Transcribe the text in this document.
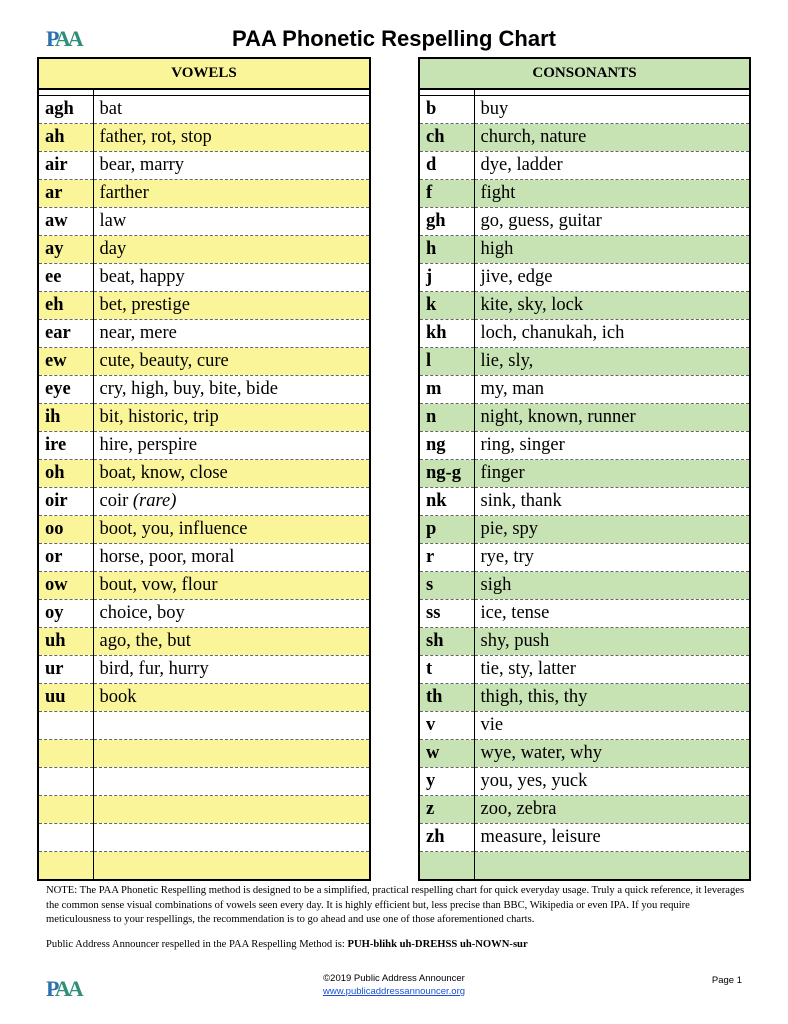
PAA	PAA Phonetic Respelling Chart
VOWELS	

agh	bat
ah	father, rot, stop
air	bear, marry
ar	farther
aw	law
ay	day
ee	beat, happy
eh	bet, prestige
ear	near, mere
ew	cute, beauty, cure
eye	cry, high, buy, bite, bide
ih	bit, historic, trip
ire	hire, perspire
oh	boat, know, close
oir	coir (rare)
oo	boot, you, influence
or	horse, poor, moral
ow	bout, vow, flour
oy	choice, boy
uh	ago, the, but
ur	bird, fur, hurry
uu	book

CONSONANTS	

b	buy
ch	church, nature
d	dye, ladder
f	fight
gh	go, guess, guitar
h	high
j	jive, edge
k	kite, sky, lock
kh	loch, chanukah, ich
l	lie, sly,
m	my, man
n	night, known, runner
ng	ring, singer
ng-g	finger
nk	sink, thank
p	pie, spy
r	rye, try
s	sigh
ss	ice, tense
sh	shy, push
t	tie, sty, latter
th	thigh, this, thy
v	vie
w	wye, water, why
y	you, yes, yuck
z	zoo, zebra
zh	measure, leisure

NOTE: The PAA Phonetic Respelling method is designed to be a simplified, practical respelling chart for quick everyday usage. Truly a quick reference, it leverages the common sense visual combinations of vowels seen every day. It is highly efficient but, less precise than BBC, Wikipedia or even IPA. If you require meticulousness to your respellings, the recommendation is to go ahead and use one of those aforementioned charts.
Public Address Announcer respelled in the PAA Respelling Method is: PUH-blihk uh-DREHSS uh-NOWN-sur
PAA	©2019 Public Address Announcer
www.publicaddressannouncer.org
Page 1
